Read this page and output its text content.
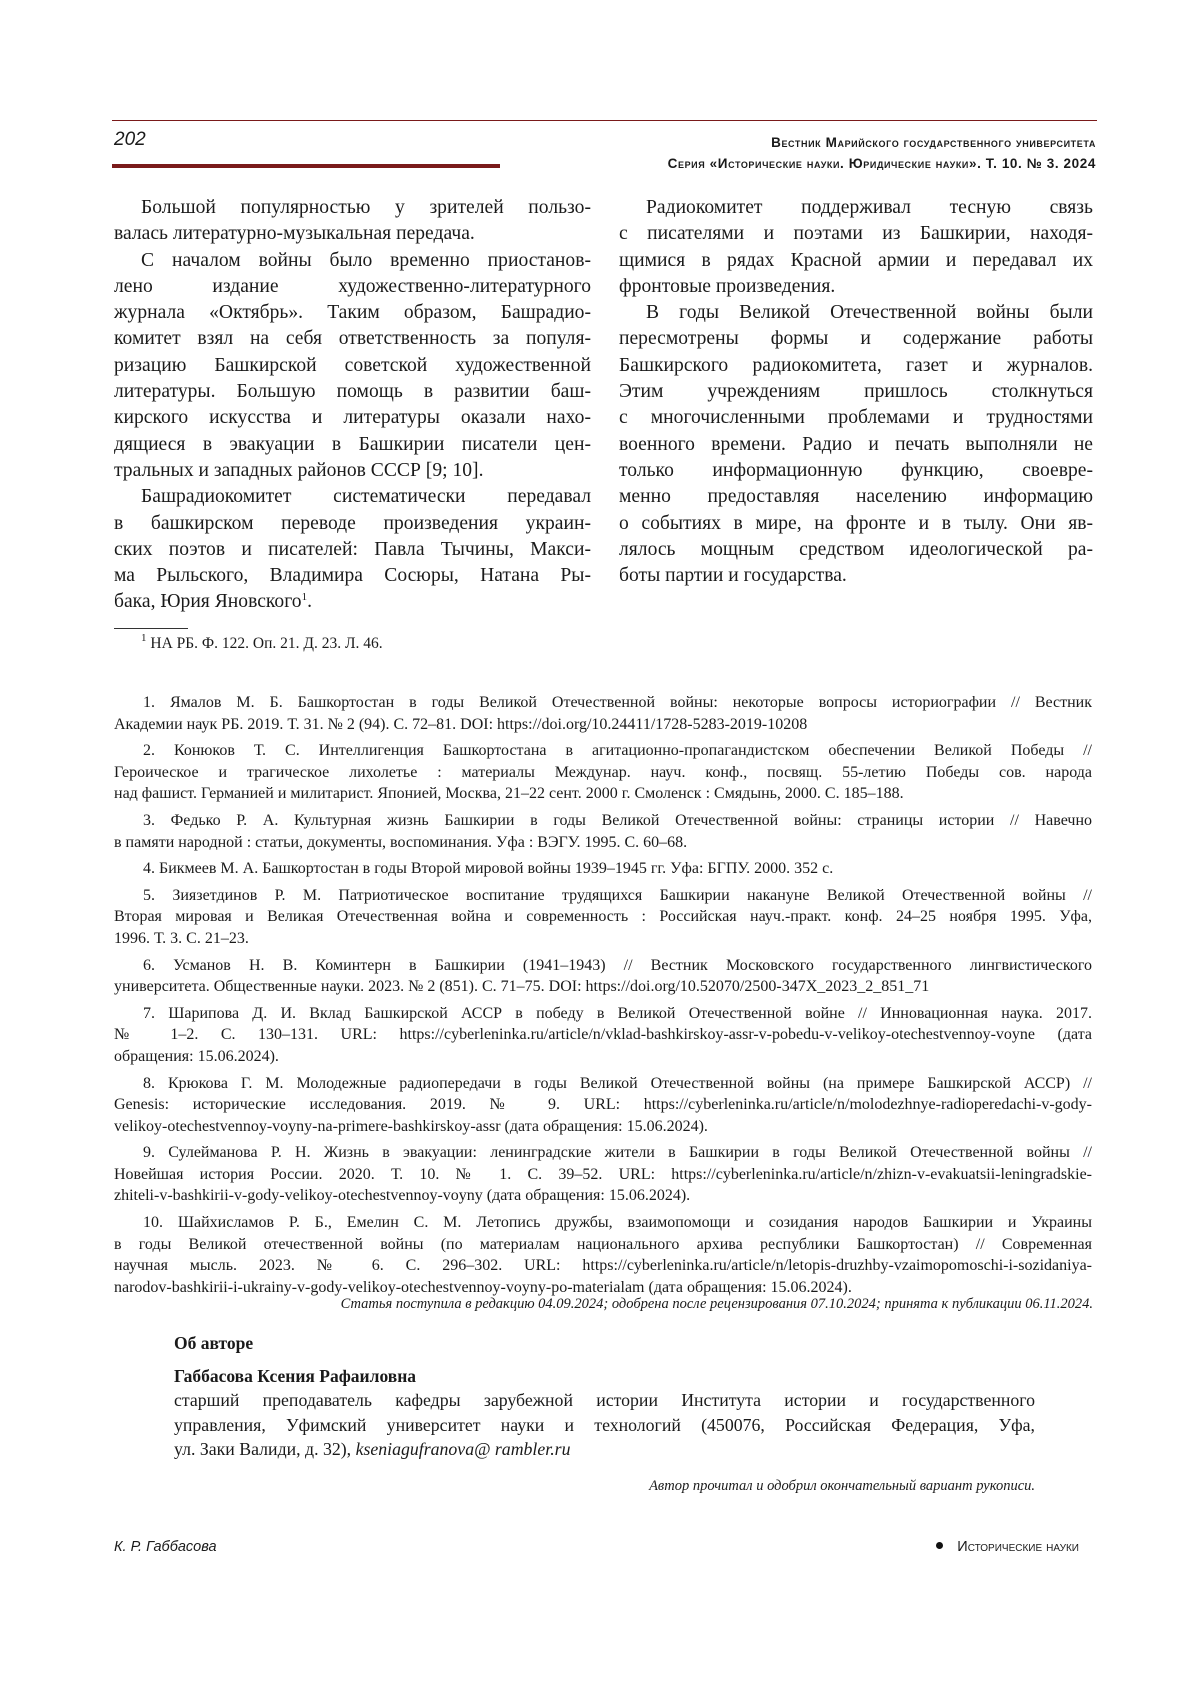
202	Вестник Марийского государственного университета
Серия «Исторические науки. Юридические науки». Т. 10. № 3. 2024
Большой популярностью у зрителей пользо-
валась литературно-музыкальная передача.
С началом войны было временно приостанов-
лено издание художественно-литературного
журнала «Октябрь». Таким образом, Башрадио-
комитет взял на себя ответственность за популя-
ризацию Башкирской советской художественной
литературы. Большую помощь в развитии баш-
кирского искусства и литературы оказали нахо-
дящиеся в эвакуации в Башкирии писатели цен-
тральных и западных районов СССР [9; 10].
Башрадиокомитет систематически передавал
в башкирском переводе произведения украин-
ских поэтов и писателей: Павла Тычины, Макси-
ма Рыльского, Владимира Сосюры, Натана Ры-
бака, Юрия Яновского1.
Радиокомитет поддерживал тесную связь
с писателями и поэтами из Башкирии, находя-
щимися в рядах Красной армии и передавал их
фронтовые произведения.
В годы Великой Отечественной войны были
пересмотрены формы и содержание работы
Башкирского радиокомитета, газет и журналов.
Этим учреждениям пришлось столкнуться
с многочисленными проблемами и трудностями
военного времени. Радио и печать выполняли не
только информационную функцию, своевре-
менно предоставляя населению информацию
о событиях в мире, на фронте и в тылу. Они яв-
лялось мощным средством идеологической ра-
боты партии и государства.
1 НА РБ. Ф. 122. Оп. 21. Д. 23. Л. 46.
1. Ямалов М. Б. Башкортостан в годы Великой Отечественной войны: некоторые вопросы историографии // Вестник
Академии наук РБ. 2019. Т. 31. № 2 (94). С. 72–81. DOI: https://doi.org/10.24411/1728-5283-2019-10208
2. Конюков Т. С. Интеллигенция Башкортостана в агитационно-пропагандистском обеспечении Великой Победы //
Героическое и трагическое лихолетье : материалы Междунар. науч. конф., посвящ. 55-летию Победы сов. народа
над фашист. Германией и милитарист. Японией, Москва, 21–22 сент. 2000 г. Смоленск : Смядынь, 2000. С. 185–188.
3. Федько Р. А. Культурная жизнь Башкирии в годы Великой Отечественной войны: страницы истории // Навечно
в памяти народной : статьи, документы, воспоминания. Уфа : ВЭГУ. 1995. С. 60–68.
4. Бикмеев М. А. Башкортостан в годы Второй мировой войны 1939–1945 гг. Уфа: БГПУ. 2000. 352 с.
5. Зиязетдинов Р. М. Патриотическое воспитание трудящихся Башкирии накануне Великой Отечественной войны //
Вторая мировая и Великая Отечественная война и современность : Российская науч.-практ. конф. 24–25 ноября 1995. Уфа,
1996. Т. 3. С. 21–23.
6. Усманов Н. В. Коминтерн в Башкирии (1941–1943) // Вестник Московского государственного лингвистического
университета. Общественные науки. 2023. № 2 (851). С. 71–75. DOI: https://doi.org/10.52070/2500-347X_2023_2_851_71
7. Шарипова Д. И. Вклад Башкирской АССР в победу в Великой Отечественной войне // Инновационная наука. 2017.
№ 1–2. С. 130–131. URL: https://cyberleninka.ru/article/n/vklad-bashkirskoy-assr-v-pobedu-v-velikoy-otechestvennoy-voyne (дата
обращения: 15.06.2024).
8. Крюкова Г. М. Молодежные радиопередачи в годы Великой Отечественной войны (на примере Башкирской АССР) //
Genesis: исторические исследования. 2019. № 9. URL: https://cyberleninka.ru/article/n/molodezhnye-radioperedachi-v-gody-
velikoy-otechestvennoy-voyny-na-primere-bashkirskoy-assr (дата обращения: 15.06.2024).
9. Сулейманова Р. Н. Жизнь в эвакуации: ленинградские жители в Башкирии в годы Великой Отечественной войны //
Новейшая история России. 2020. Т. 10. № 1. С. 39–52. URL: https://cyberleninka.ru/article/n/zhizn-v-evakuatsii-leningradskie-
zhiteli-v-bashkirii-v-gody-velikoy-otechestvennoy-voyny (дата обращения: 15.06.2024).
10. Шайхисламов Р. Б., Емелин С. М. Летопись дружбы, взаимопомощи и созидания народов Башкирии и Украины
в годы Великой отечественной войны (по материалам национального архива республики Башкортостан) // Современная
научная мысль. 2023. № 6. С. 296–302. URL: https://cyberleninka.ru/article/n/letopis-druzhby-vzaimopomoschi-i-sozidaniya-
narodov-bashkirii-i-ukrainy-v-gody-velikoy-otechestvennoy-voyny-po-materialam (дата обращения: 15.06.2024).
Статья поступила в редакцию 04.09.2024; одобрена после рецензирования 07.10.2024; принята к публикации 06.11.2024.
Об авторе
Габбасова Ксения Рафаиловна
старший преподаватель кафедры зарубежной истории Института истории и государственного
управления, Уфимский университет науки и технологий (450076, Российская Федерация, Уфа,
ул. Заки Валиди, д. 32), kseniagufranova@ rambler.ru
Автор прочитал и одобрил окончательный вариант рукописи.
К. Р. Габбасова	Исторические науки
